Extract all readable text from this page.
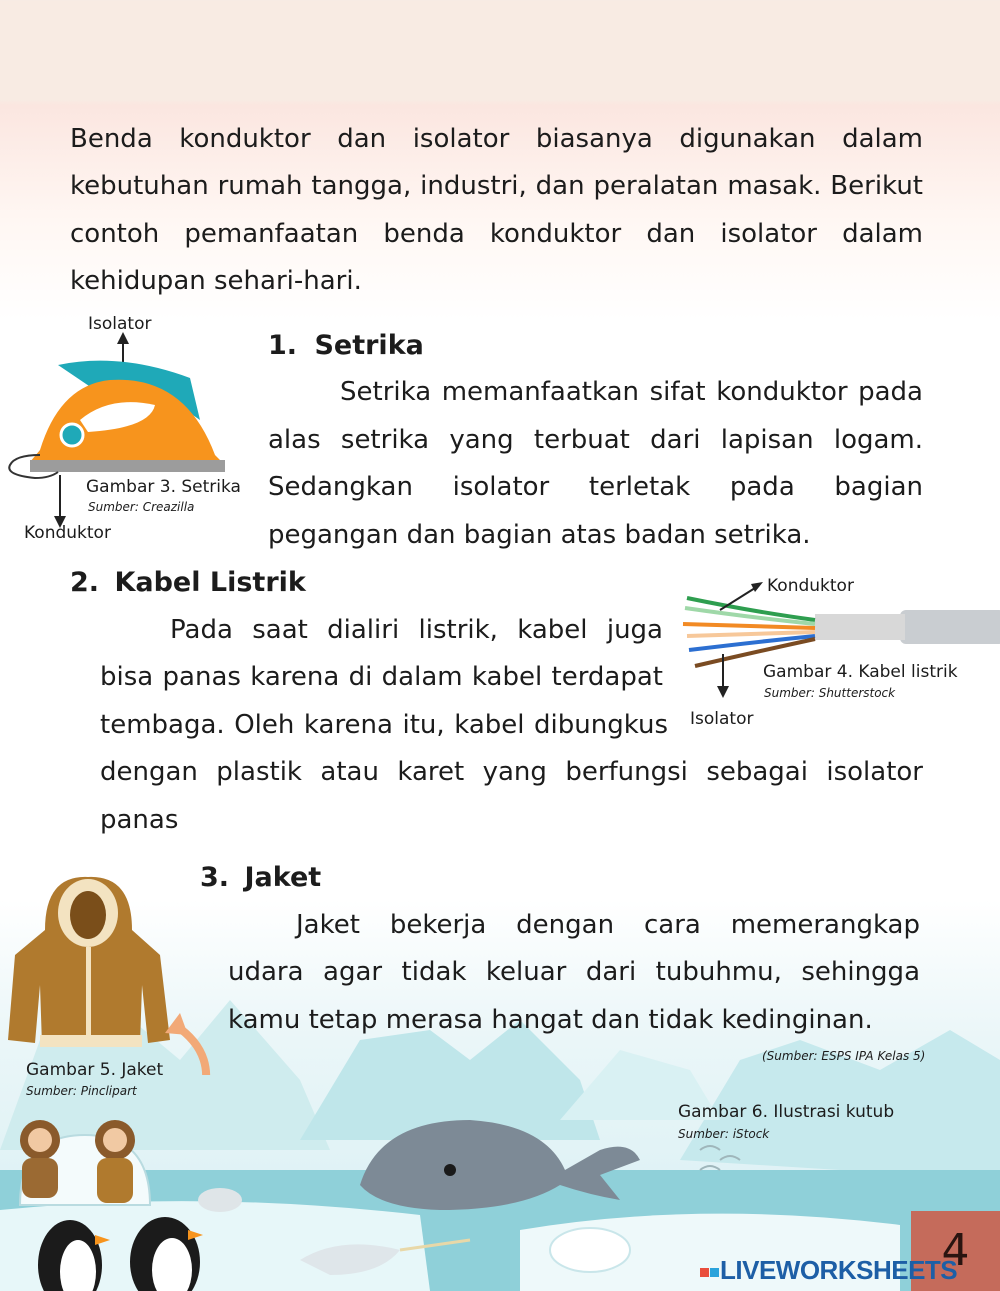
Benda konduktor dan isolator biasanya digunakan dalam
kebutuhan rumah tangga, industri, dan peralatan masak. Berikut
contoh pemanfaatan benda konduktor dan isolator dalam
kehidupan sehari-hari.
Isolator
Konduktor
Gambar 3. Setrika
Sumber: Creazilla
1. Setrika
Setrika memanfaatkan sifat konduktor pada
alas setrika yang terbuat dari lapisan logam.
Sedangkan isolator terletak pada bagian
pegangan dan bagian atas badan setrika.
2. Kabel Listrik
Pada saat dialiri listrik, kabel juga
bisa panas karena di dalam kabel terdapat
tembaga. Oleh karena itu, kabel dibungkus
dengan plastik atau karet yang berfungsi sebagai isolator
panas
Konduktor
Isolator
Gambar 4. Kabel listrik
Sumber: Shutterstock
3. Jaket
Jaket bekerja dengan cara memerangkap
udara agar tidak keluar dari tubuhmu, sehingga
kamu tetap merasa hangat dan tidak kedinginan.
(Sumber: ESPS IPA Kelas 5)
Gambar 5. Jaket
Sumber: Pinclipart
Gambar 6. Ilustrasi kutub
Sumber: iStock
4
LIVEWORKSHEETS
